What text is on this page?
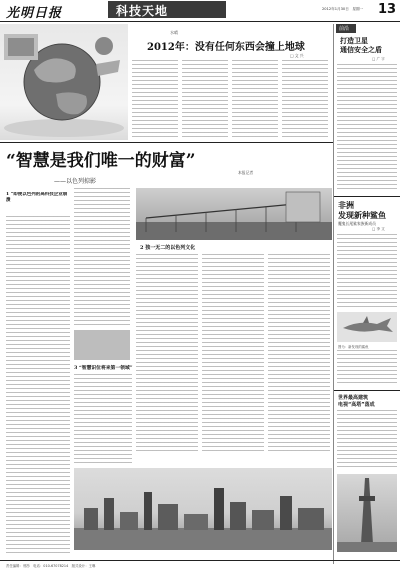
光明日报	科技天地	2012年1月30日　星期一 13
水晴
2012年：没有任何东西会撞上地球
□ 文 兴
前沿
打造卫星
通信安全之盾
□ 广 宇
“智慧是我们唯一的财富”
——以色列掠影
本报记者
1 “即便以色列的高科技企业崩溃
2 独一无二的以色列文化
3 “智慧识位将来第一领域”
非洲
发现新种鲨鱼
魔鬼长尾鲨家族新成员
□ 李 文
图为：新发现的鲨鱼
世界最高建筑
电视“高塔”落成
责任编辑：邢彤　电话：010-67078214　版式设计：王琳
